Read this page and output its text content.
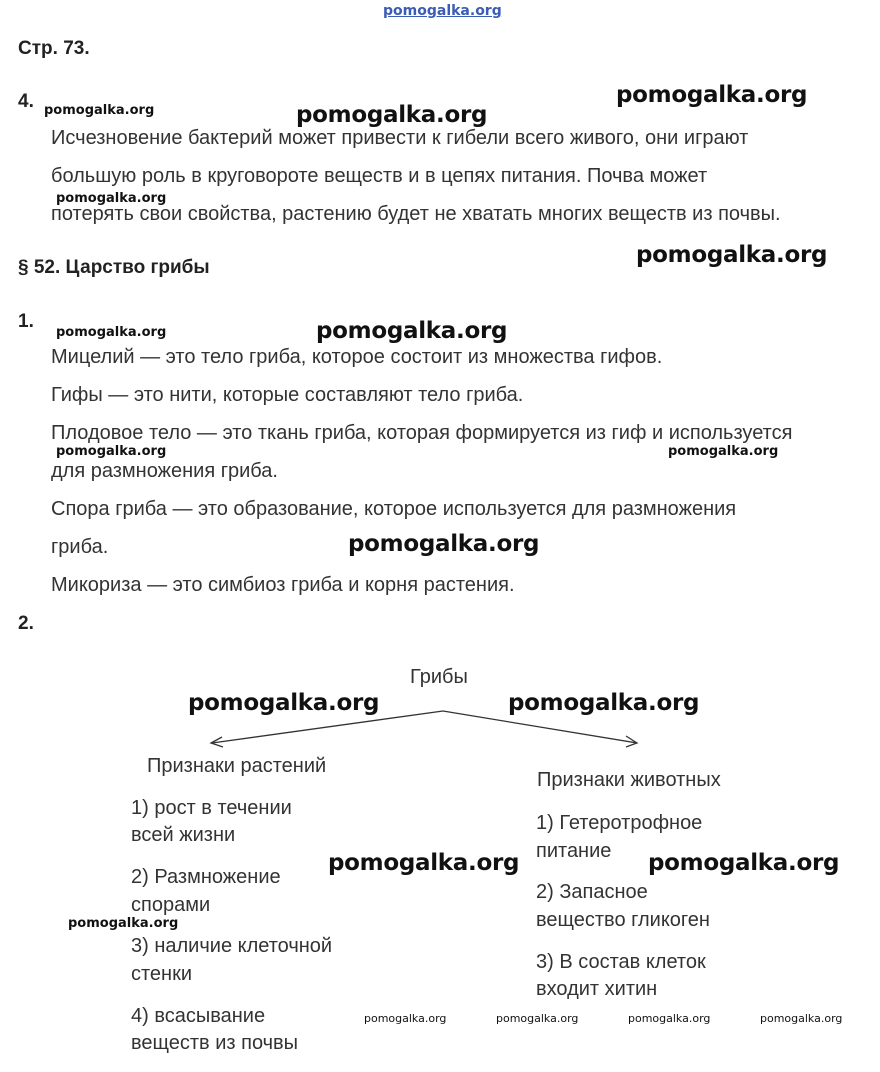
pomogalka.org
Стр. 73.
4.
Исчезновение бактерий может привести к гибели всего живого, они играют
большую роль в круговороте веществ и в цепях питания. Почва может
потерять свои свойства, растению будет не хватать многих веществ из почвы.
§ 52. Царство грибы
1.
Мицелий — это тело гриба, которое состоит из множества гифов.
Гифы — это нити, которые составляют тело гриба.
Плодовое тело — это ткань гриба, которая формируется из гиф и используется
для размножения гриба.
Спора гриба — это образование, которое используется для размножения
гриба.
Микориза — это симбиоз гриба и корня растения.
2.
Грибы
Признаки растений
1) рост в течении
всей жизни
2) Размножение
спорами
3) наличие клеточной
стенки
4) всасывание
веществ из почвы
Признаки животных
1) Гетеротрофное
питание
2) Запасное
вещество гликоген
3) В состав клеток
входит хитин
pomogalka.org	pomogalka.org
pomogalka.org
pomogalka.org
pomogalka.org
pomogalka.org	pomogalka.org
pomogalka.org	pomogalka.org
pomogalka.org
pomogalka.org	pomogalka.org
pomogalka.org	pomogalka.org
pomogalka.org
pomogalka.org	pomogalka.org	pomogalka.org	pomogalka.org
